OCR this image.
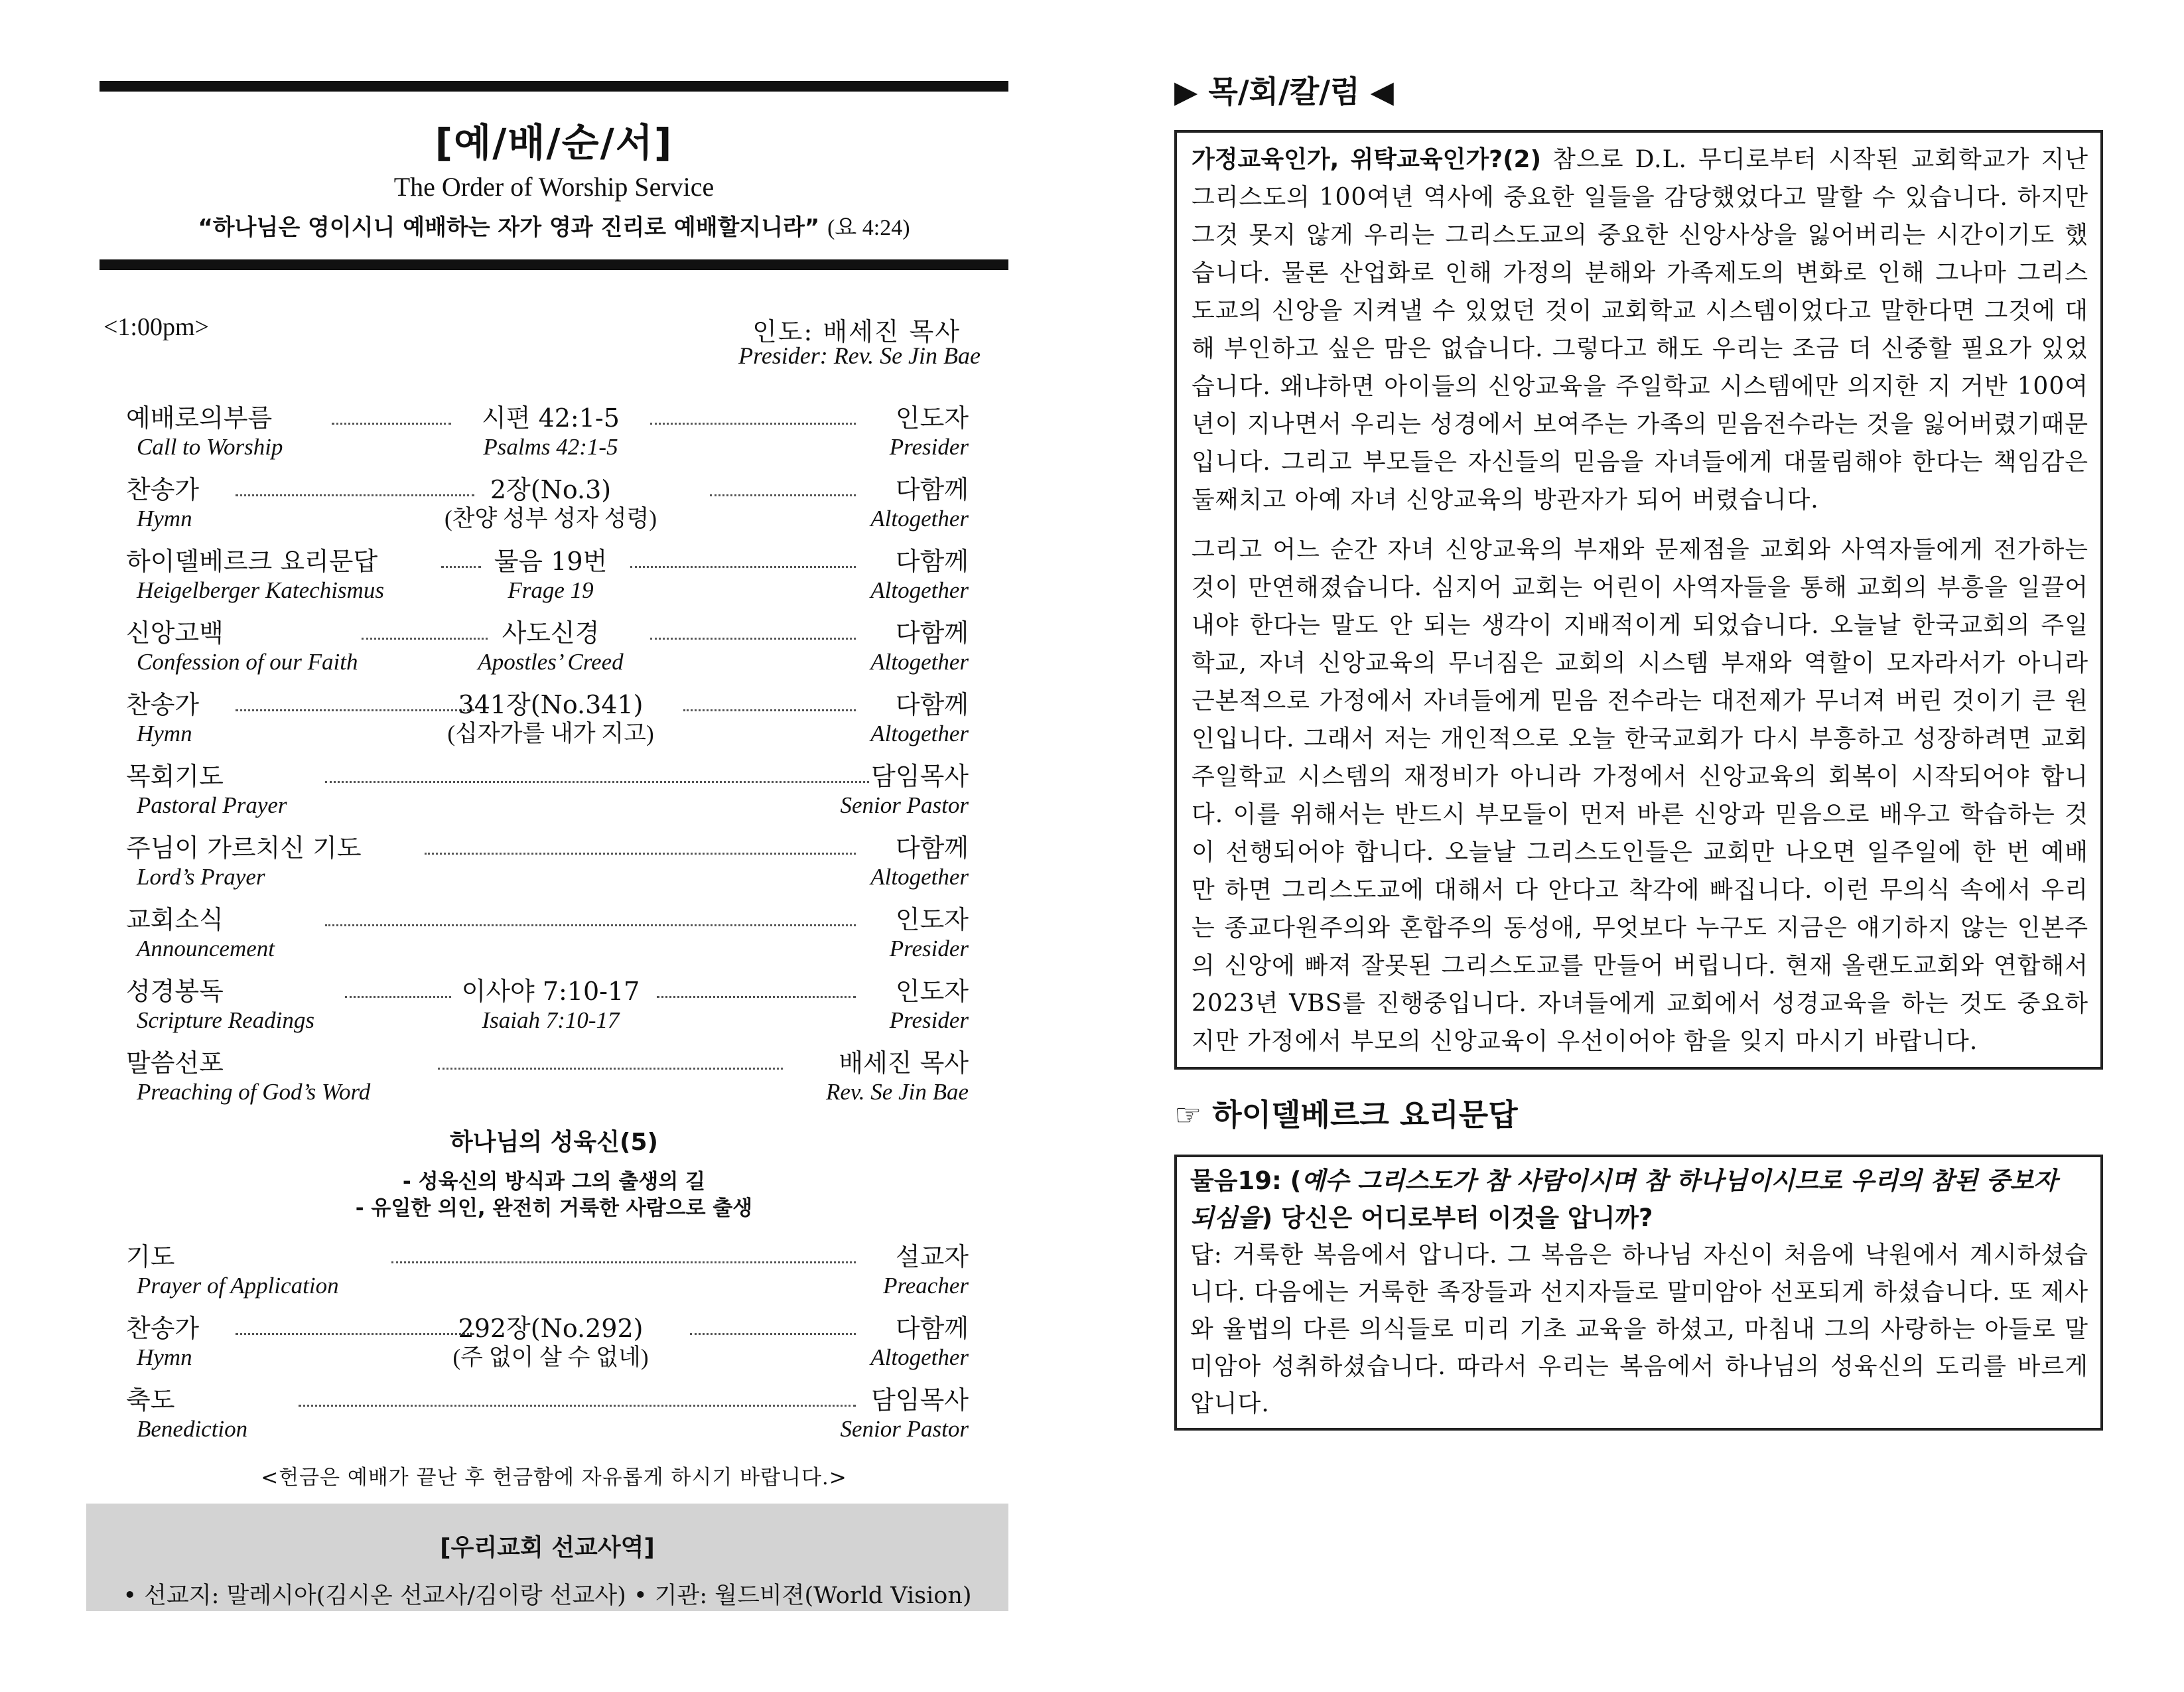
[예/배/순/서]
The Order of Worship Service
“하나님은 영이시니 예배하는 자가 영과 진리로 예배할지니라” (요 4:24)
<1:00pm>	인도: 배세진 목사
Presider: Rev. Se Jin Bae
예배로의부름
Call to Worship
시편 42:1-5
Psalms 42:1-5
인도자
Presider
찬송가
Hymn
2장(No.3)
(찬양 성부 성자 성령)
다함께
Altogether
하이델베르크 요리문답
Heigelberger Katechismus
물음 19번
Frage 19
다함께
Altogether
신앙고백
Confession of our Faith
사도신경
Apostles’ Creed
다함께
Altogether
찬송가
Hymn
341장(No.341)
(십자가를 내가 지고)
다함께
Altogether
목회기도
Pastoral Prayer
담임목사
Senior Pastor
주님이 가르치신 기도
Lord’s Prayer
다함께
Altogether
교회소식
Announcement
인도자
Presider
성경봉독
Scripture Readings
이사야 7:10-17
Isaiah 7:10-17
인도자
Presider
말씀선포
Preaching of God’s Word
배세진 목사
Rev. Se Jin Bae
하나님의 성육신(5)
- 성육신의 방식과 그의 출생의 길
- 유일한 의인, 완전히 거룩한 사람으로 출생
기도
Prayer of Application
설교자
Preacher
찬송가
Hymn
292장(No.292)
(주 없이 살 수 없네)
다함께
Altogether
축도
Benediction
담임목사
Senior Pastor
<헌금은 예배가 끝난 후 헌금함에 자유롭게 하시기 바랍니다.>
[우리교회 선교사역]
• 선교지: 말레시아(김시온 선교사/김이랑 선교사) • 기관: 월드비젼(World Vision)
▶ 목/회/칼/럼 ◀

가정교육인가, 위탁교육인가?(2) 참으로 D.L. 무디로부터 시작된 교회학교가 지난 그리스도의 100여년 역사에 중요한 일들을 감당했었다고 말할 수 있습니다. 하지만 그것 못지 않게 우리는 그리스도교의 중요한 신앙사상을 잃어버리는 시간이기도 했습니다. 물론 산업화로 인해 가정의 분해와 가족제도의 변화로 인해 그나마 그리스도교의 신앙을 지켜낼 수 있었던 것이 교회학교 시스템이었다고 말한다면 그것에 대해 부인하고 싶은 맘은 없습니다. 그렇다고 해도 우리는 조금 더 신중할 필요가 있었습니다. 왜냐하면 아이들의 신앙교육을 주일학교 시스템에만 의지한 지 거반 100여년이 지나면서 우리는 성경에서 보여주는 가족의 믿음전수라는 것을 잃어버렸기때문입니다. 그리고 부모들은 자신들의 믿음을 자녀들에게 대물림해야 한다는 책임감은 둘째치고 아예 자녀 신앙교육의 방관자가 되어 버렸습니다.

그리고 어느 순간 자녀 신앙교육의 부재와 문제점을 교회와 사역자들에게 전가하는 것이 만연해졌습니다. 심지어 교회는 어린이 사역자들을 통해 교회의 부흥을 일끌어 내야 한다는 말도 안 되는 생각이 지배적이게 되었습니다. 오늘날 한국교회의 주일학교, 자녀 신앙교육의 무너짐은 교회의 시스템 부재와 역할이 모자라서가 아니라 근본적으로 가정에서 자녀들에게 믿음 전수라는 대전제가 무너져 버린 것이기 큰 원인입니다. 그래서 저는 개인적으로 오늘 한국교회가 다시 부흥하고 성장하려면 교회 주일학교 시스템의 재정비가 아니라 가정에서 신앙교육의 회복이 시작되어야 합니다. 이를 위해서는 반드시 부모들이 먼저 바른 신앙과 믿음으로 배우고 학습하는 것이 선행되어야 합니다. 오늘날 그리스도인들은 교회만 나오면 일주일에 한 번 예배만 하면 그리스도교에 대해서 다 안다고 착각에 빠집니다. 이런 무의식 속에서 우리는 종교다원주의와 혼합주의 동성애, 무엇보다 누구도 지금은 얘기하지 않는 인본주의 신앙에 빠져 잘못된 그리스도교를 만들어 버립니다. 현재 올랜도교회와 연합해서 2023년 VBS를 진행중입니다. 자녀들에게 교회에서 성경교육을 하는 것도 중요하지만 가정에서 부모의 신앙교육이 우선이어야 함을 잊지 마시기 바랍니다.

☞ 하이델베르크 요리문답
물음19: (예수 그리스도가 참 사람이시며 참 하나님이시므로 우리의 참된 중보자 되심을) 당신은 어디로부터 이것을 압니까?
답: 거룩한 복음에서 압니다. 그 복음은 하나님 자신이 처음에 낙원에서 계시하셨습니다. 다음에는 거룩한 족장들과 선지자들로 말미암아 선포되게 하셨습니다. 또 제사와 율법의 다른 의식들로 미리 기초 교육을 하셨고, 마침내 그의 사랑하는 아들로 말미암아 성취하셨습니다. 따라서 우리는 복음에서 하나님의 성육신의 도리를 바르게 압니다.
